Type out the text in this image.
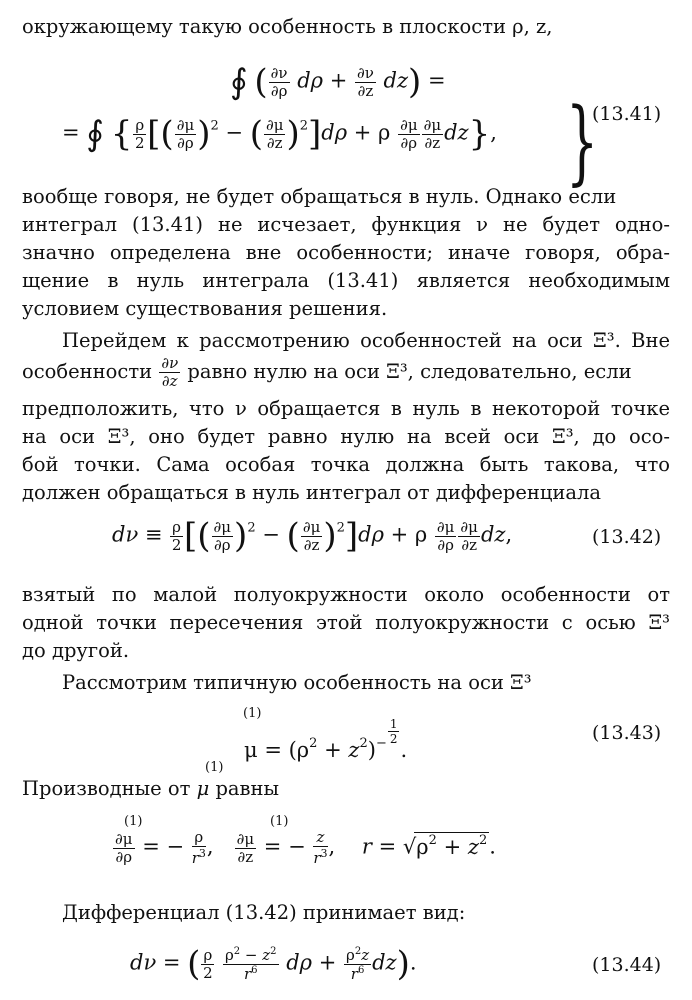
окружающему такую особенность в плоскости ρ, z,
∮ ( $\frac{\partial\nu}{\partial\rho}$ $d\rho + \frac{\partial\nu}{\partial z} dz$) =
= ∮ { $\frac{\rho}{2}$ [( $\frac{\partial\mu}{\partial\rho} )^2$ − ( $\frac{\partial\mu}{\partial z} )^2]d\rho + \rho \frac{\partial\mu}{\partial\rho} \frac{\partial\mu}{\partial z} dz$}, }
(13.41)
вообще говоря, не будет обращаться в нуль. Однако если
интеграл (13.41) не исчезает, функция ν не будет одно-
значно определена вне особенности; иначе говоря, обра-
щение в нуль интеграла (13.41) является необходимым
условием существования решения.
Перейдем к рассмотрению особенностей на оси Ξ³. Вне
особенности $\frac{\partial\nu}{\partial z}$ равно нулю на оси Ξ³, следовательно, если
предположить, что ν обращается в нуль в некоторой точке
на оси Ξ³, оно будет равно нулю на всей оси Ξ³, до осо-
бой точки. Сама особая точка должна быть такова, что
должен обращаться в нуль интеграл от дифференциала
$d\nu \equiv \frac{\rho}{2}$ [( $\frac{\partial\mu}{\partial\rho} )^2$ − ( $\frac{\partial\mu}{\partial z} )^2]d\rho + \rho \frac{\partial\mu}{\partial\rho} \frac{\partial\mu}{\partial z}$ dz,	(13.42)
взятый по малой полуокружности около особенности от
одной точки пересечения этой полуокружности с осью Ξ³
до другой.
Рассмотрим типичную особенность на оси Ξ³
(1)
$\mu = (\rho^2 + z^2)^- \frac{1}{2}$
.
(13.43)
(1)
Производные от μ равны
(1)	(1)
$\frac{\partial\mu}{\partial\rho}$ = − $\frac{\rho}{r^3}$ , $\frac{\partial\mu}{\partial z}$ = − $\frac{z}{r^3}$ ,    $r = √\rho^2 + z^2$.
Дифференциал (13.42) принимает вид:
dν = ( $\frac{\rho}{2}$
$\frac{\rho^2 - z^2}{r^6}$ $d\rho + \frac{\rho^2z}{r^6} dz$).	(13.44)
